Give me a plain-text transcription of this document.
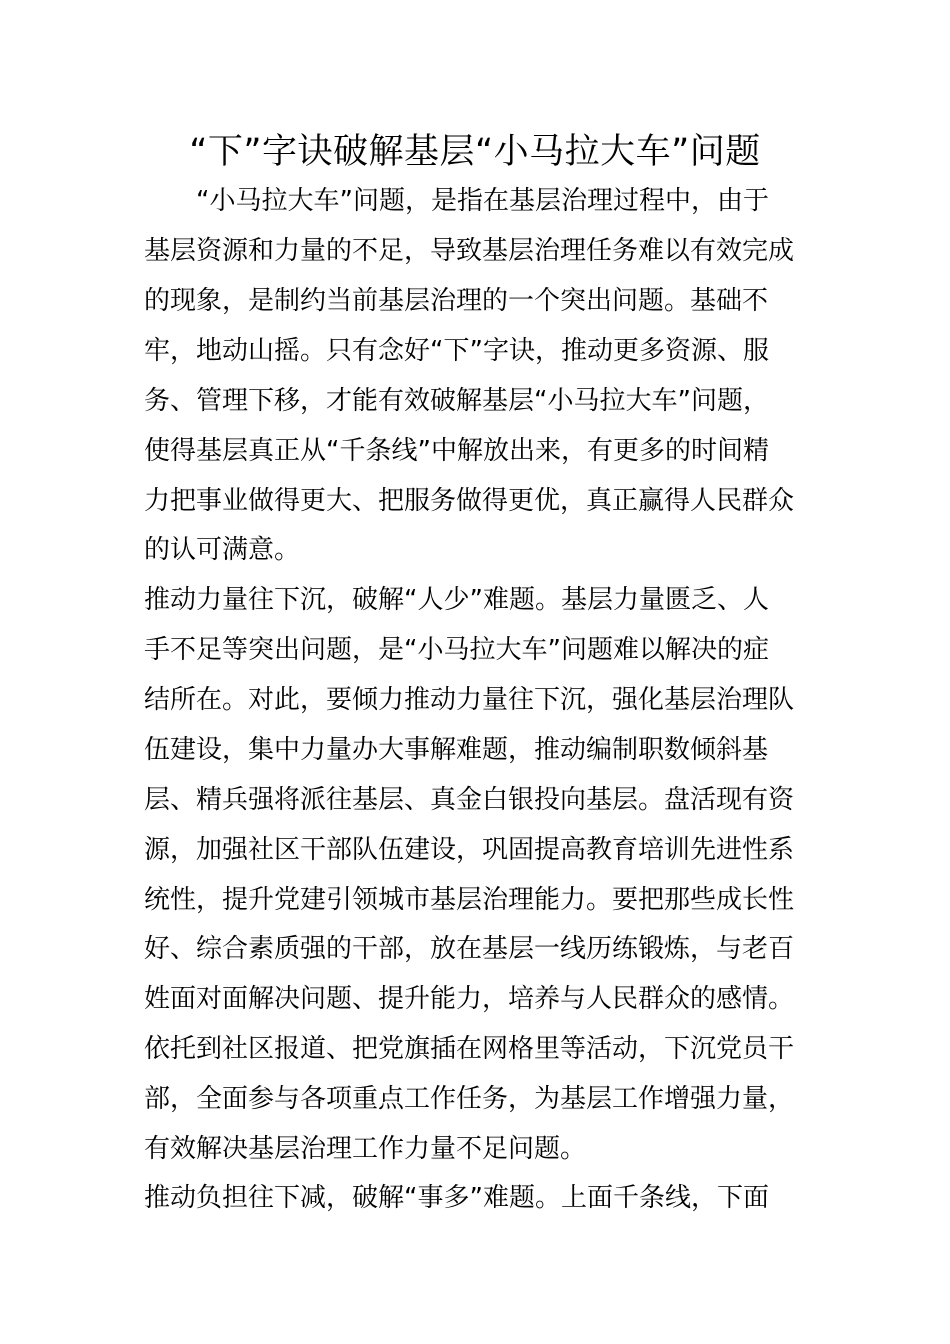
“下”字诀破解基层“小马拉大车”问题
　　“小马拉大车”问题，是指在基层治理过程中，由于
基层资源和力量的不足，导致基层治理任务难以有效完成
的现象，是制约当前基层治理的一个突出问题。基础不
牢，地动山摇。只有念好“下”字诀，推动更多资源、服
务、管理下移，才能有效破解基层“小马拉大车”问题，
使得基层真正从“千条线”中解放出来，有更多的时间精
力把事业做得更大、把服务做得更优，真正赢得人民群众
的认可满意。
推动力量往下沉，破解“人少”难题。基层力量匮乏、人
手不足等突出问题，是“小马拉大车”问题难以解决的症
结所在。对此，要倾力推动力量往下沉，强化基层治理队
伍建设，集中力量办大事解难题，推动编制职数倾斜基
层、精兵强将派往基层、真金白银投向基层。盘活现有资
源，加强社区干部队伍建设，巩固提高教育培训先进性系
统性，提升党建引领城市基层治理能力。要把那些成长性
好、综合素质强的干部，放在基层一线历练锻炼，与老百
姓面对面解决问题、提升能力，培养与人民群众的感情。
依托到社区报道、把党旗插在网格里等活动，下沉党员干
部，全面参与各项重点工作任务，为基层工作增强力量，
有效解决基层治理工作力量不足问题。
推动负担往下减，破解“事多”难题。上面千条线，下面
